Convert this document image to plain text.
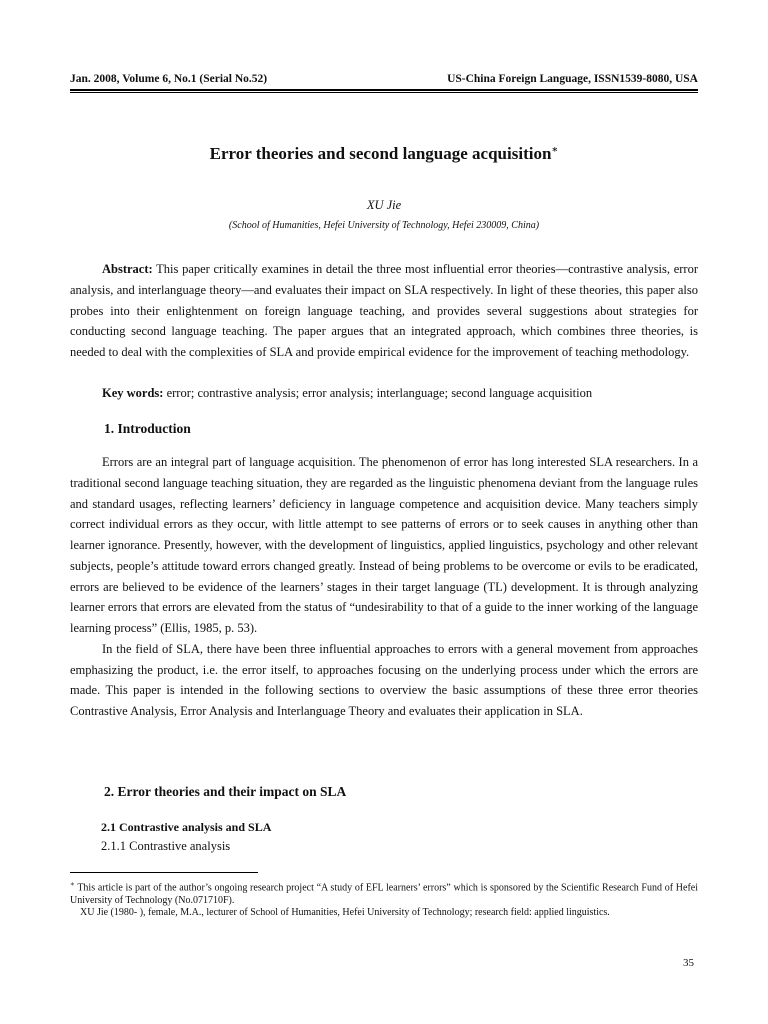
Jan. 2008, Volume 6, No.1 (Serial No.52)	US-China Foreign Language, ISSN1539-8080, USA
Error theories and second language acquisition∗
XU Jie
(School of Humanities, Hefei University of Technology, Hefei 230009, China)

Abstract: This paper critically examines in detail the three most influential error theories—contrastive analysis, error analysis, and interlanguage theory—and evaluates their impact on SLA respectively. In light of these theories, this paper also probes into their enlightenment on foreign language teaching, and provides several suggestions about strategies for conducting second language teaching. The paper argues that an integrated approach, which combines three theories, is needed to deal with the complexities of SLA and provide empirical evidence for the improvement of teaching methodology.

Key words: error; contrastive analysis; error analysis; interlanguage; second language acquisition

1. Introduction

Errors are an integral part of language acquisition. The phenomenon of error has long interested SLA researchers. In a traditional second language teaching situation, they are regarded as the linguistic phenomena deviant from the language rules and standard usages, reflecting learners’ deficiency in language competence and acquisition device. Many teachers simply correct individual errors as they occur, with little attempt to see patterns of errors or to seek causes in anything other than learner ignorance. Presently, however, with the development of linguistics, applied linguistics, psychology and other relevant subjects, people’s attitude toward errors changed greatly. Instead of being problems to be overcome or evils to be eradicated, errors are believed to be evidence of the learners’ stages in their target language (TL) development. It is through analyzing learner errors that errors are elevated from the status of “undesirability to that of a guide to the inner working of the language learning process” (Ellis, 1985, p. 53).

In the field of SLA, there have been three influential approaches to errors with a general movement from approaches emphasizing the product, i.e. the error itself, to approaches focusing on the underlying process under which the errors are made. This paper is intended in the following sections to overview the basic assumptions of these three error theories Contrastive Analysis, Error Analysis and Interlanguage Theory and evaluates their application in SLA.

2. Error theories and their impact on SLA
2.1 Contrastive analysis and SLA
2.1.1 Contrastive analysis

∗ This article is part of the author’s ongoing research project “A study of EFL learners’ errors” which is sponsored by the Scientific Research Fund of Hefei University of Technology (No.071710F).

XU Jie (1980- ), female, M.A., lecturer of School of Humanities, Hefei University of Technology; research field: applied linguistics.

35
